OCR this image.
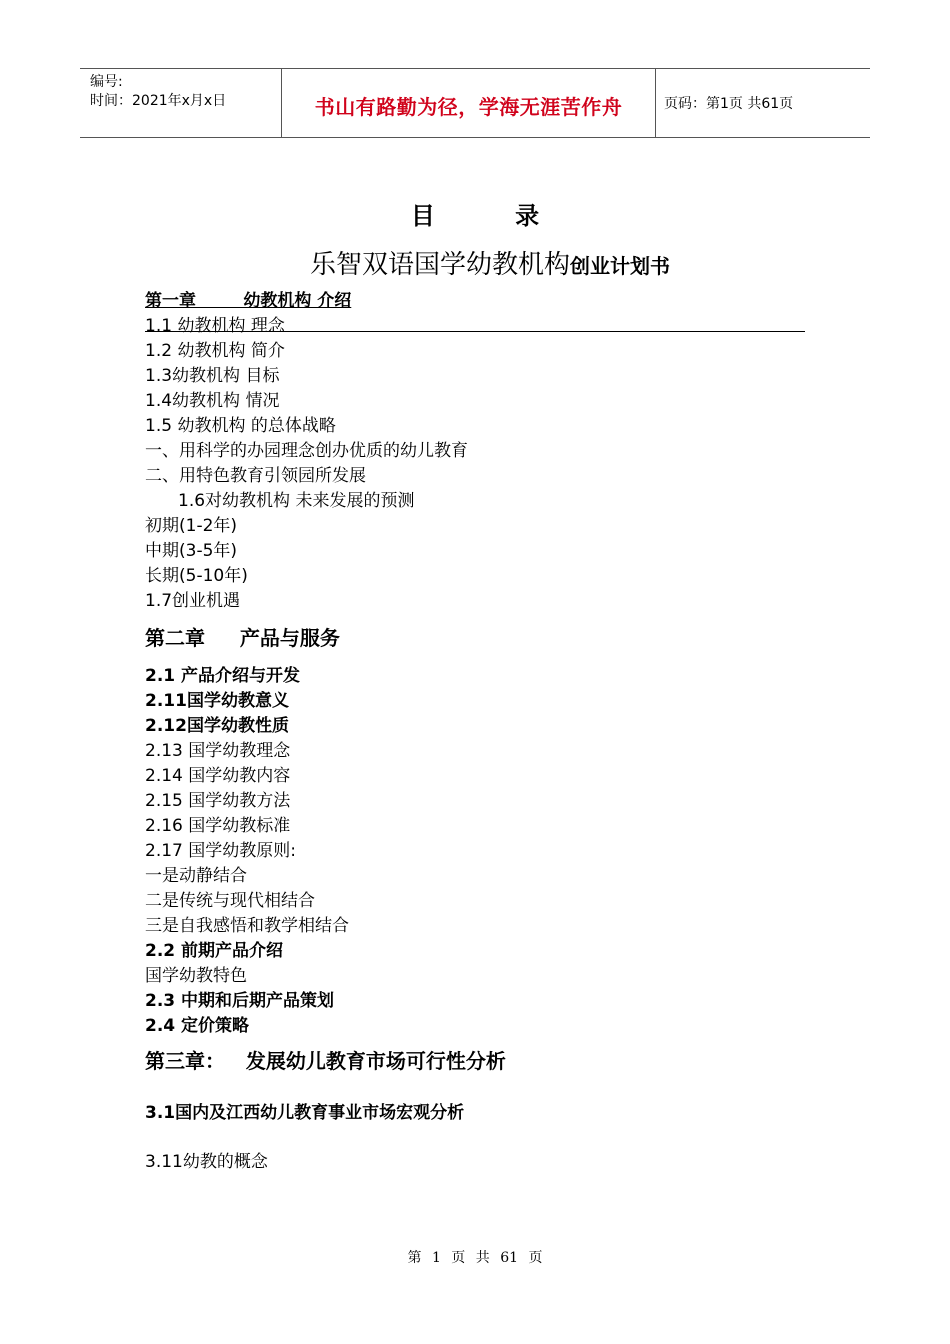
编号:
时间：2021年x月x日	书山有路勤为径，学海无涯苦作舟	页码：第1页 共61页
目 录
乐智双语国学幼教机构创业计划书
第一章        幼教机构 介绍
1.1 幼教机构 理念
1.2 幼教机构 简介
1.3幼教机构 目标
1.4幼教机构 情况
1.5 幼教机构 的总体战略
一、用科学的办园理念创办优质的幼儿教育
二、用特色教育引领园所发展
1.6对幼教机构 未来发展的预测
初期(1-2年)
中期(3-5年)
长期(5-10年)
1.7创业机遇
第二章     产品与服务
2.1 产品介绍与开发
2.11国学幼教意义
2.12国学幼教性质
2.13 国学幼教理念
2.14 国学幼教内容
2.15 国学幼教方法
2.16 国学幼教标准
2.17 国学幼教原则:
一是动静结合
二是传统与现代相结合
三是自我感悟和教学相结合
2.2 前期产品介绍
国学幼教特色
2.3 中期和后期产品策划
2.4 定价策略
第三章：   发展幼儿教育市场可行性分析
3.1国内及江西幼儿教育事业市场宏观分析
3.11幼教的概念
第 1 页 共 61 页
